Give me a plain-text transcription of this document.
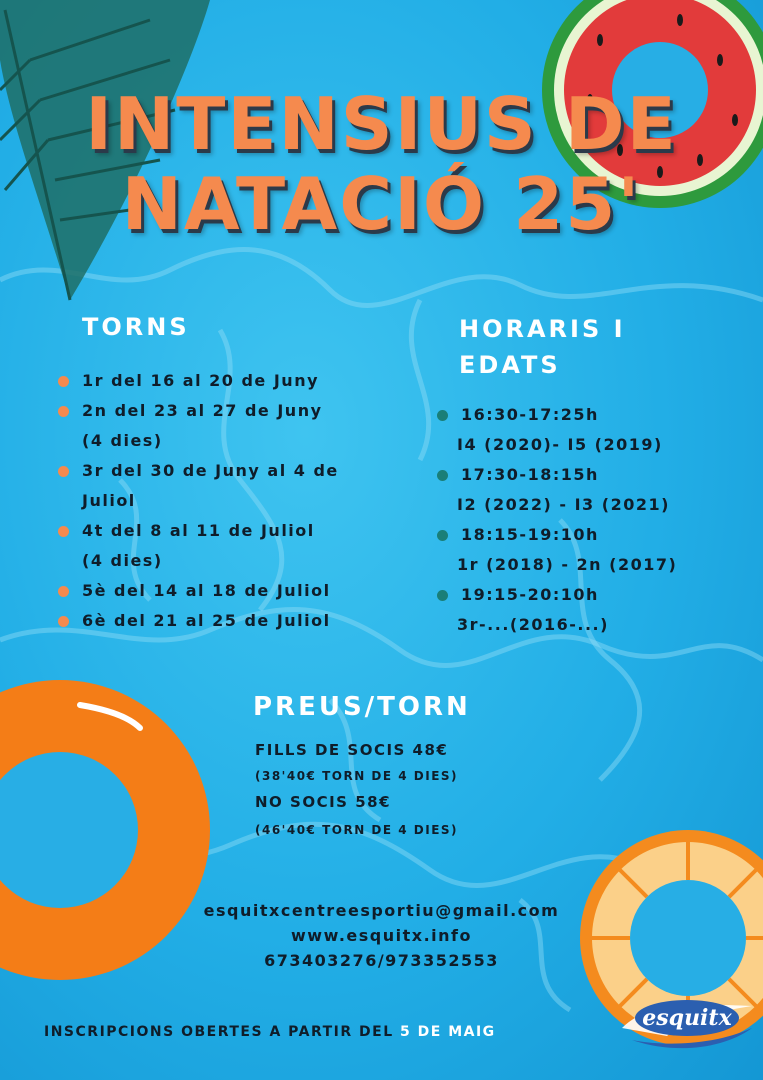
INTENSIUS DE
NATACIÓ 25'
TORNS
1r del 16 al 20 de Juny
2n del 23 al 27 de Juny
(4 dies)
3r del 30 de Juny al 4 de
Juliol
4t del 8 al 11 de Juliol
(4 dies)
5è del 14 al 18 de Juliol
6è del 21 al 25 de Juliol
HORARIS I
EDATS
16:30-17:25h
I4 (2020)- I5 (2019)
17:30-18:15h
I2 (2022) - I3 (2021)
18:15-19:10h
1r (2018) - 2n (2017)
19:15-20:10h
3r-...(2016-...)
PREUS/TORN
FILLS DE SOCIS 48€
(38'40€ TORN DE 4 DIES)
NO SOCIS 58€
(46'40€ TORN DE 4 DIES)
esquitxcentreesportiu@gmail.com
www.esquitx.info
673403276/973352553
INSCRIPCIONS OBERTES A PARTIR DEL 5 DE MAIG
esquitx
